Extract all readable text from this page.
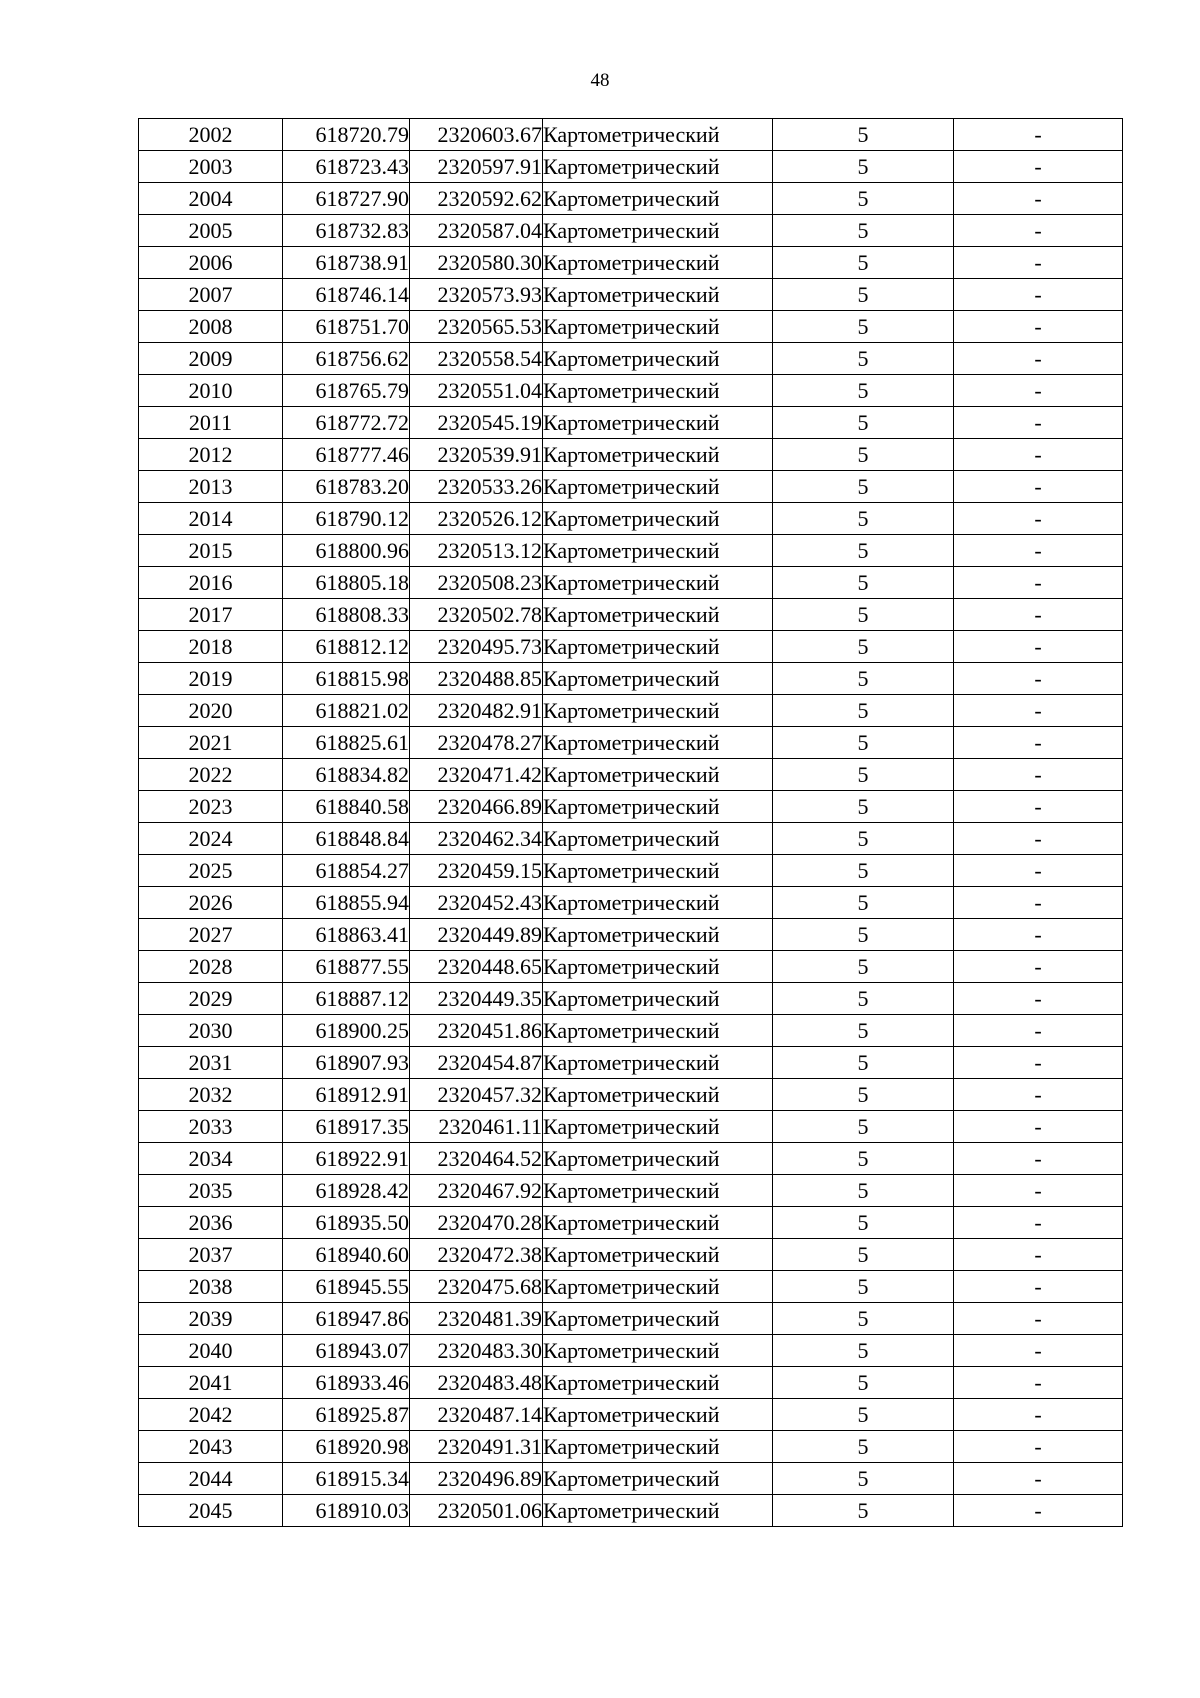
48
2002	618720.79	2320603.67	Картометрический	5	-
2003	618723.43	2320597.91	Картометрический	5	-
2004	618727.90	2320592.62	Картометрический	5	-
2005	618732.83	2320587.04	Картометрический	5	-
2006	618738.91	2320580.30	Картометрический	5	-
2007	618746.14	2320573.93	Картометрический	5	-
2008	618751.70	2320565.53	Картометрический	5	-
2009	618756.62	2320558.54	Картометрический	5	-
2010	618765.79	2320551.04	Картометрический	5	-
2011	618772.72	2320545.19	Картометрический	5	-
2012	618777.46	2320539.91	Картометрический	5	-
2013	618783.20	2320533.26	Картометрический	5	-
2014	618790.12	2320526.12	Картометрический	5	-
2015	618800.96	2320513.12	Картометрический	5	-
2016	618805.18	2320508.23	Картометрический	5	-
2017	618808.33	2320502.78	Картометрический	5	-
2018	618812.12	2320495.73	Картометрический	5	-
2019	618815.98	2320488.85	Картометрический	5	-
2020	618821.02	2320482.91	Картометрический	5	-
2021	618825.61	2320478.27	Картометрический	5	-
2022	618834.82	2320471.42	Картометрический	5	-
2023	618840.58	2320466.89	Картометрический	5	-
2024	618848.84	2320462.34	Картометрический	5	-
2025	618854.27	2320459.15	Картометрический	5	-
2026	618855.94	2320452.43	Картометрический	5	-
2027	618863.41	2320449.89	Картометрический	5	-
2028	618877.55	2320448.65	Картометрический	5	-
2029	618887.12	2320449.35	Картометрический	5	-
2030	618900.25	2320451.86	Картометрический	5	-
2031	618907.93	2320454.87	Картометрический	5	-
2032	618912.91	2320457.32	Картометрический	5	-
2033	618917.35	2320461.11	Картометрический	5	-
2034	618922.91	2320464.52	Картометрический	5	-
2035	618928.42	2320467.92	Картометрический	5	-
2036	618935.50	2320470.28	Картометрический	5	-
2037	618940.60	2320472.38	Картометрический	5	-
2038	618945.55	2320475.68	Картометрический	5	-
2039	618947.86	2320481.39	Картометрический	5	-
2040	618943.07	2320483.30	Картометрический	5	-
2041	618933.46	2320483.48	Картометрический	5	-
2042	618925.87	2320487.14	Картометрический	5	-
2043	618920.98	2320491.31	Картометрический	5	-
2044	618915.34	2320496.89	Картометрический	5	-
2045	618910.03	2320501.06	Картометрический	5	-
